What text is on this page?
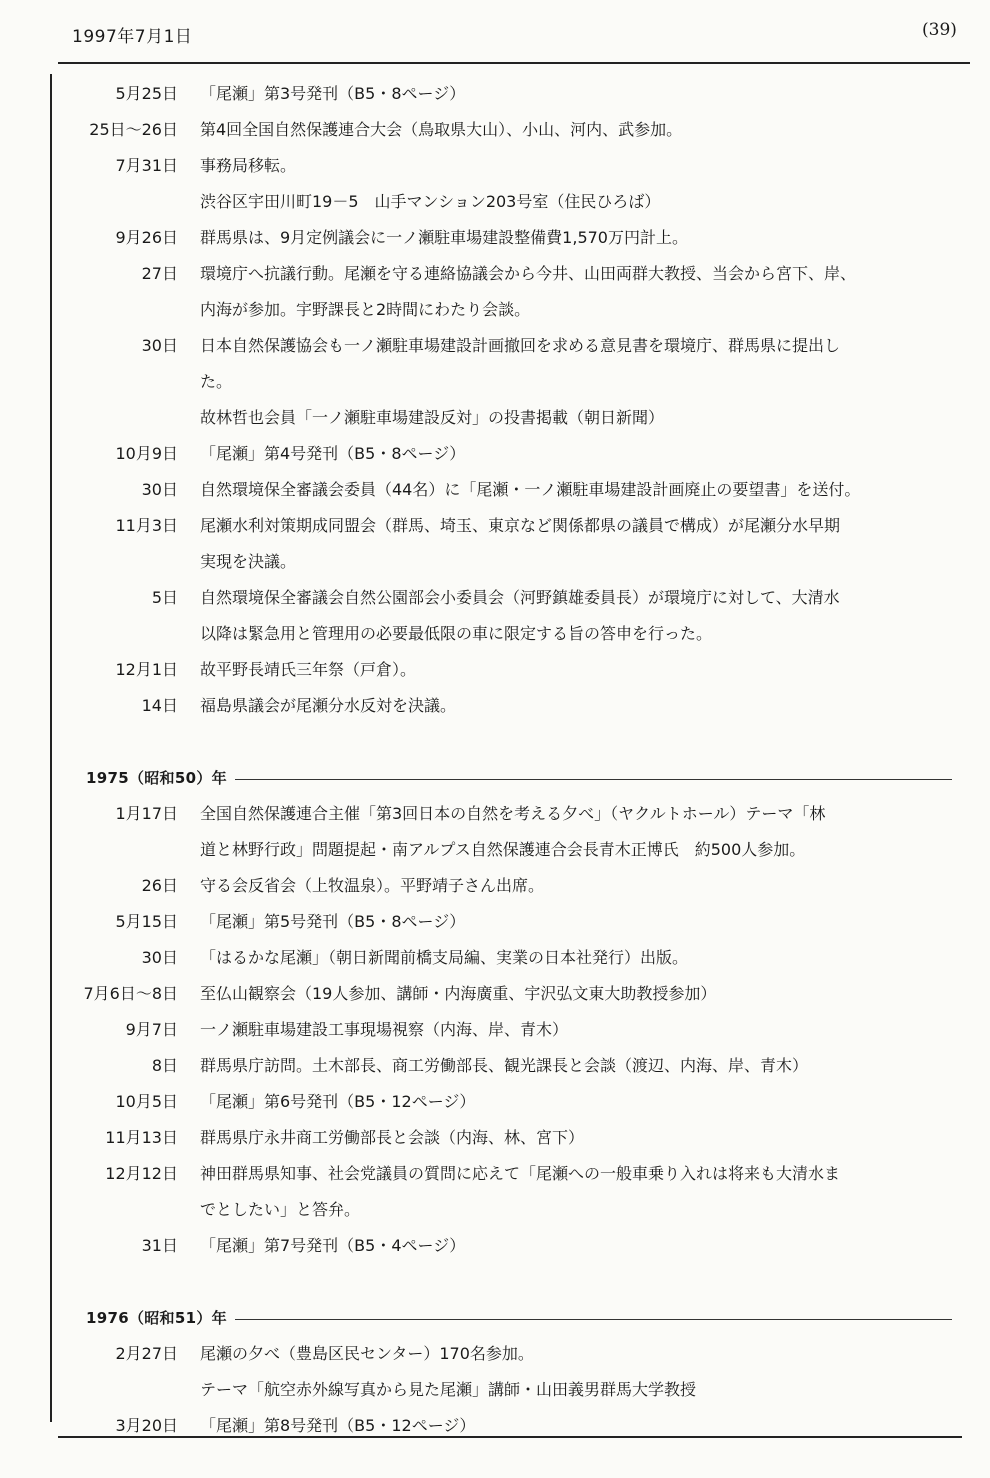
1997年7月1日	(39)
5月25日 「尾瀬」第3号発刊（B5・8ページ）
25日～26日 第4回全国自然保護連合大会（鳥取県大山）、小山、河内、武参加。
7月31日 事務局移転。
渋谷区宇田川町19－5　山手マンション203号室（住民ひろば）
9月26日 群馬県は、9月定例議会に一ノ瀬駐車場建設整備費1,570万円計上。
27日 環境庁へ抗議行動。尾瀬を守る連絡協議会から今井、山田両群大教授、当会から宮下、岸、
内海が参加。宇野課長と2時間にわたり会談。
30日 日本自然保護協会も一ノ瀬駐車場建設計画撤回を求める意見書を環境庁、群馬県に提出し
た。
故林哲也会員「一ノ瀬駐車場建設反対」の投書掲載（朝日新聞）
10月9日 「尾瀬」第4号発刊（B5・8ページ）
30日 自然環境保全審議会委員（44名）に「尾瀬・一ノ瀬駐車場建設計画廃止の要望書」を送付。
11月3日 尾瀬水利対策期成同盟会（群馬、埼玉、東京など関係都県の議員で構成）が尾瀬分水早期
実現を決議。
5日 自然環境保全審議会自然公園部会小委員会（河野鎮雄委員長）が環境庁に対して、大清水
以降は緊急用と管理用の必要最低限の車に限定する旨の答申を行った。
12月1日 故平野長靖氏三年祭（戸倉）。
14日 福島県議会が尾瀬分水反対を決議。
1975（昭和50）年
1月17日 全国自然保護連合主催「第3回日本の自然を考える夕べ」（ヤクルトホール）テーマ「林
道と林野行政」問題提起・南アルプス自然保護連合会長青木正博氏　約500人参加。
26日 守る会反省会（上牧温泉）。平野靖子さん出席。
5月15日 「尾瀬」第5号発刊（B5・8ページ）
30日 「はるかな尾瀬」（朝日新聞前橋支局編、実業の日本社発行）出版。
7月6日～8日 至仏山観察会（19人参加、講師・内海廣重、宇沢弘文東大助教授参加）
9月7日 一ノ瀬駐車場建設工事現場視察（内海、岸、青木）
8日 群馬県庁訪問。土木部長、商工労働部長、観光課長と会談（渡辺、内海、岸、青木）
10月5日 「尾瀬」第6号発刊（B5・12ページ）
11月13日 群馬県庁永井商工労働部長と会談（内海、林、宮下）
12月12日 神田群馬県知事、社会党議員の質問に応えて「尾瀬への一般車乗り入れは将来も大清水ま
でとしたい」と答弁。
31日 「尾瀬」第7号発刊（B5・4ページ）
1976（昭和51）年
2月27日 尾瀬の夕べ（豊島区民センター）170名参加。
テーマ「航空赤外線写真から見た尾瀬」講師・山田義男群馬大学教授
3月20日 「尾瀬」第8号発刊（B5・12ページ）
